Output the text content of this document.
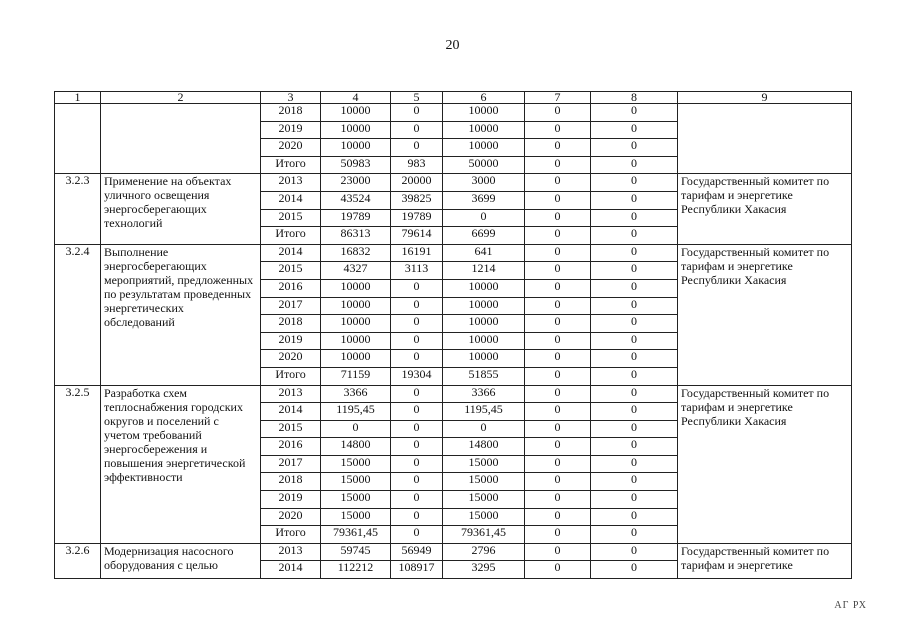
20
1	2	3	4	5	6	7	8	9
		2018	10000	0	10000	0	0	
		2019	10000	0	10000	0	0	
		2020	10000	0	10000	0	0	
		Итого	50983	983	50000	0	0	
3.2.3	Применение на объектах уличного освещения энергосберегающих технологий	2013	23000	20000	3000	0	0	Государственный комитет по тарифам и энергетике Республики Хакасия
		2014	43524	39825	3699	0	0	
		2015	19789	19789	0	0	0	
		Итого	86313	79614	6699	0	0	
3.2.4	Выполнение энергосберегающих мероприятий, предложенных по результатам проведенных энергетических обследований	2014	16832	16191	641	0	0	Государственный комитет по тарифам и энергетике Республики Хакасия
		2015	4327	3113	1214	0	0	
		2016	10000	0	10000	0	0	
		2017	10000	0	10000	0	0	
		2018	10000	0	10000	0	0	
		2019	10000	0	10000	0	0	
		2020	10000	0	10000	0	0	
		Итого	71159	19304	51855	0	0	
3.2.5	Разработка схем теплоснабжения городских округов и поселений с учетом требований энергосбережения и повышения энергетической эффективности	2013	3366	0	3366	0	0	Государственный комитет по тарифам и энергетике Республики Хакасия
		2014	1195,45	0	1195,45	0	0	
		2015	0	0	0	0	0	
		2016	14800	0	14800	0	0	
		2017	15000	0	15000	0	0	
		2018	15000	0	15000	0	0	
		2019	15000	0	15000	0	0	
		2020	15000	0	15000	0	0	
		Итого	79361,45	0	79361,45	0	0	
3.2.6	Модернизация насосного оборудования с целью	2013	59745	56949	2796	0	0	Государственный комитет по тарифам и энергетике
		2014	112212	108917	3295	0	0	
АГ РХ
